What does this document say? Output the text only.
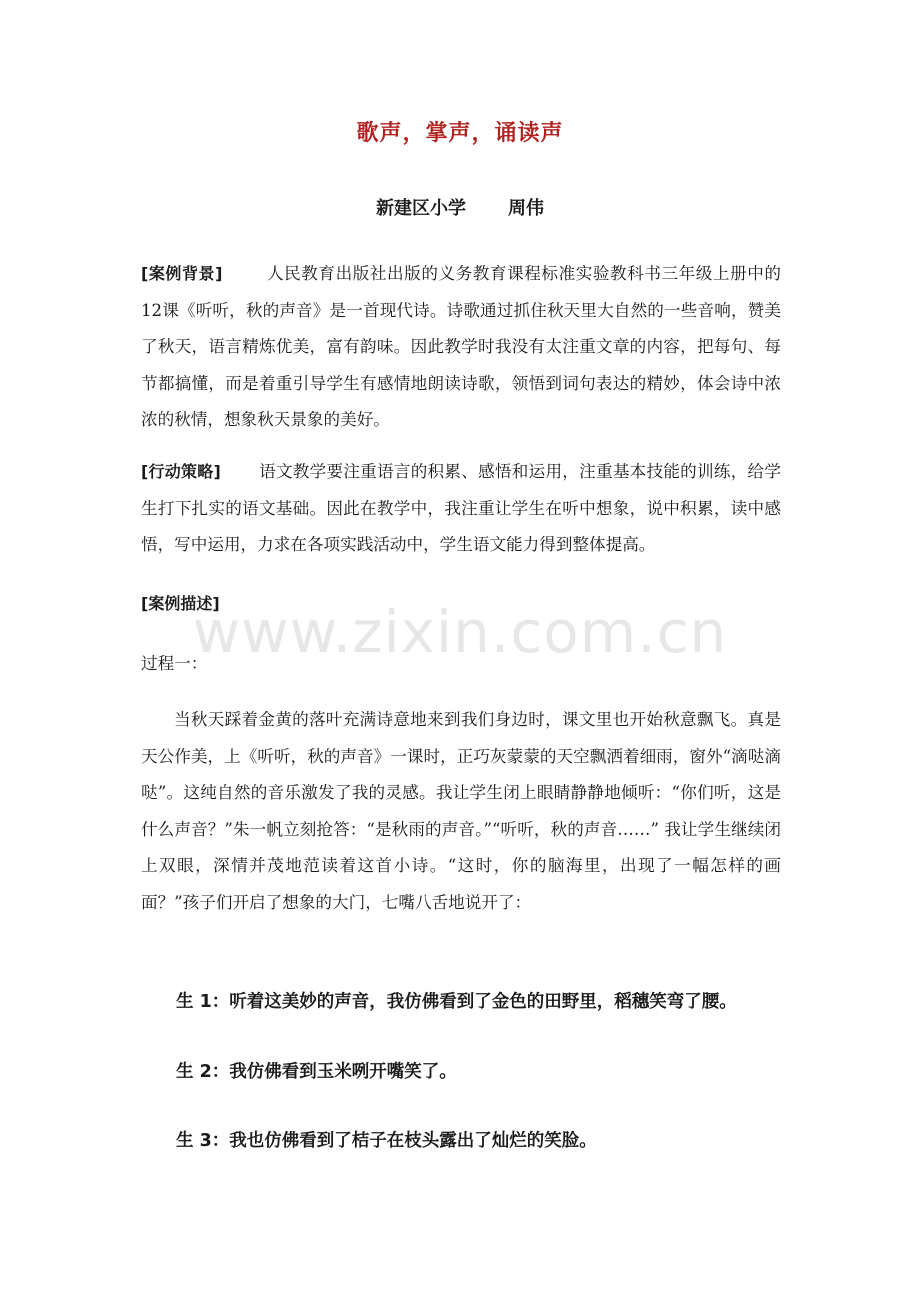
歌声，掌声，诵读声
新建区小学 周伟
[案例背景]	人民教育出版社出版的义务教育课程标准实验教科书三年级上册中的12课《听听，秋的声音》是一首现代诗。诗歌通过抓住秋天里大自然的一些音响，赞美了秋天，语言精炼优美，富有韵味。因此教学时我没有太注重文章的内容，把每句、每节都搞懂，而是着重引导学生有感情地朗读诗歌，领悟到词句表达的精妙，体会诗中浓浓的秋情，想象秋天景象的美好。
[行动策略] 语文教学要注重语言的积累、感悟和运用，注重基本技能的训练，给学生打下扎实的语文基础。因此在教学中，我注重让学生在听中想象，说中积累，读中感悟，写中运用，力求在各项实践活动中，学生语文能力得到整体提高。
[案例描述]
过程一：
当秋天踩着金黄的落叶充满诗意地来到我们身边时，课文里也开始秋意飘飞。真是天公作美，上《听听，秋的声音》一课时，正巧灰蒙蒙的天空飘洒着细雨，窗外“滴哒滴哒”。这纯自然的音乐激发了我的灵感。我让学生闭上眼睛静静地倾听：“你们听，这是什么声音？”朱一帆立刻抢答：“是秋雨的声音。”“听听，秋的声音……” 我让学生继续闭上双眼，深情并茂地范读着这首小诗。“这时，你的脑海里，出现了一幅怎样的画面？”孩子们开启了想象的大门，七嘴八舌地说开了：
生 1：听着这美妙的声音，我仿佛看到了金色的田野里，稻穗笑弯了腰。
生 2：我仿佛看到玉米咧开嘴笑了。
生 3：我也仿佛看到了桔子在枝头露出了灿烂的笑脸。
www.zixin.com.cn
